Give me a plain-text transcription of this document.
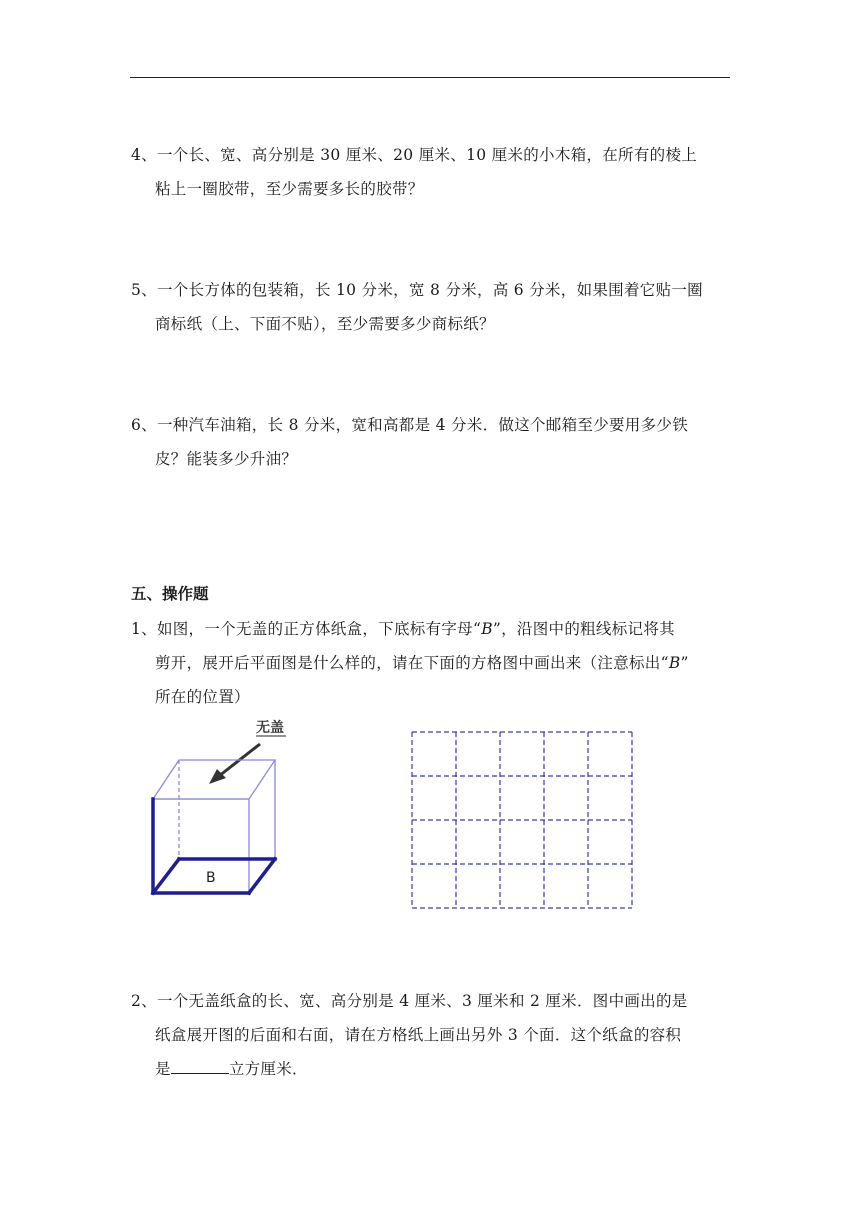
4、一个长、宽、高分别是 30 厘米、20 厘米、10 厘米的小木箱，在所有的棱上
粘上一圈胶带，至少需要多长的胶带？
5、一个长方体的包装箱，长 10 分米，宽 8 分米，高 6 分米，如果围着它贴一圈
商标纸（上、下面不贴），至少需要多少商标纸？
6、一种汽车油箱，长 8 分米，宽和高都是 4 分米．做这个邮箱至少要用多少铁
皮？能装多少升油？
五、操作题
1、如图，一个无盖的正方体纸盒，下底标有字母“B”，沿图中的粗线标记将其
剪开，展开后平面图是什么样的，请在下面的方格图中画出来（注意标出“B”
所在的位置）
无盖
B
2、一个无盖纸盒的长、宽、高分别是 4 厘米、3 厘米和 2 厘米．图中画出的是
纸盒展开图的后面和右面，请在方格纸上画出另外 3 个面．这个纸盒的容积
是	立方厘米．
